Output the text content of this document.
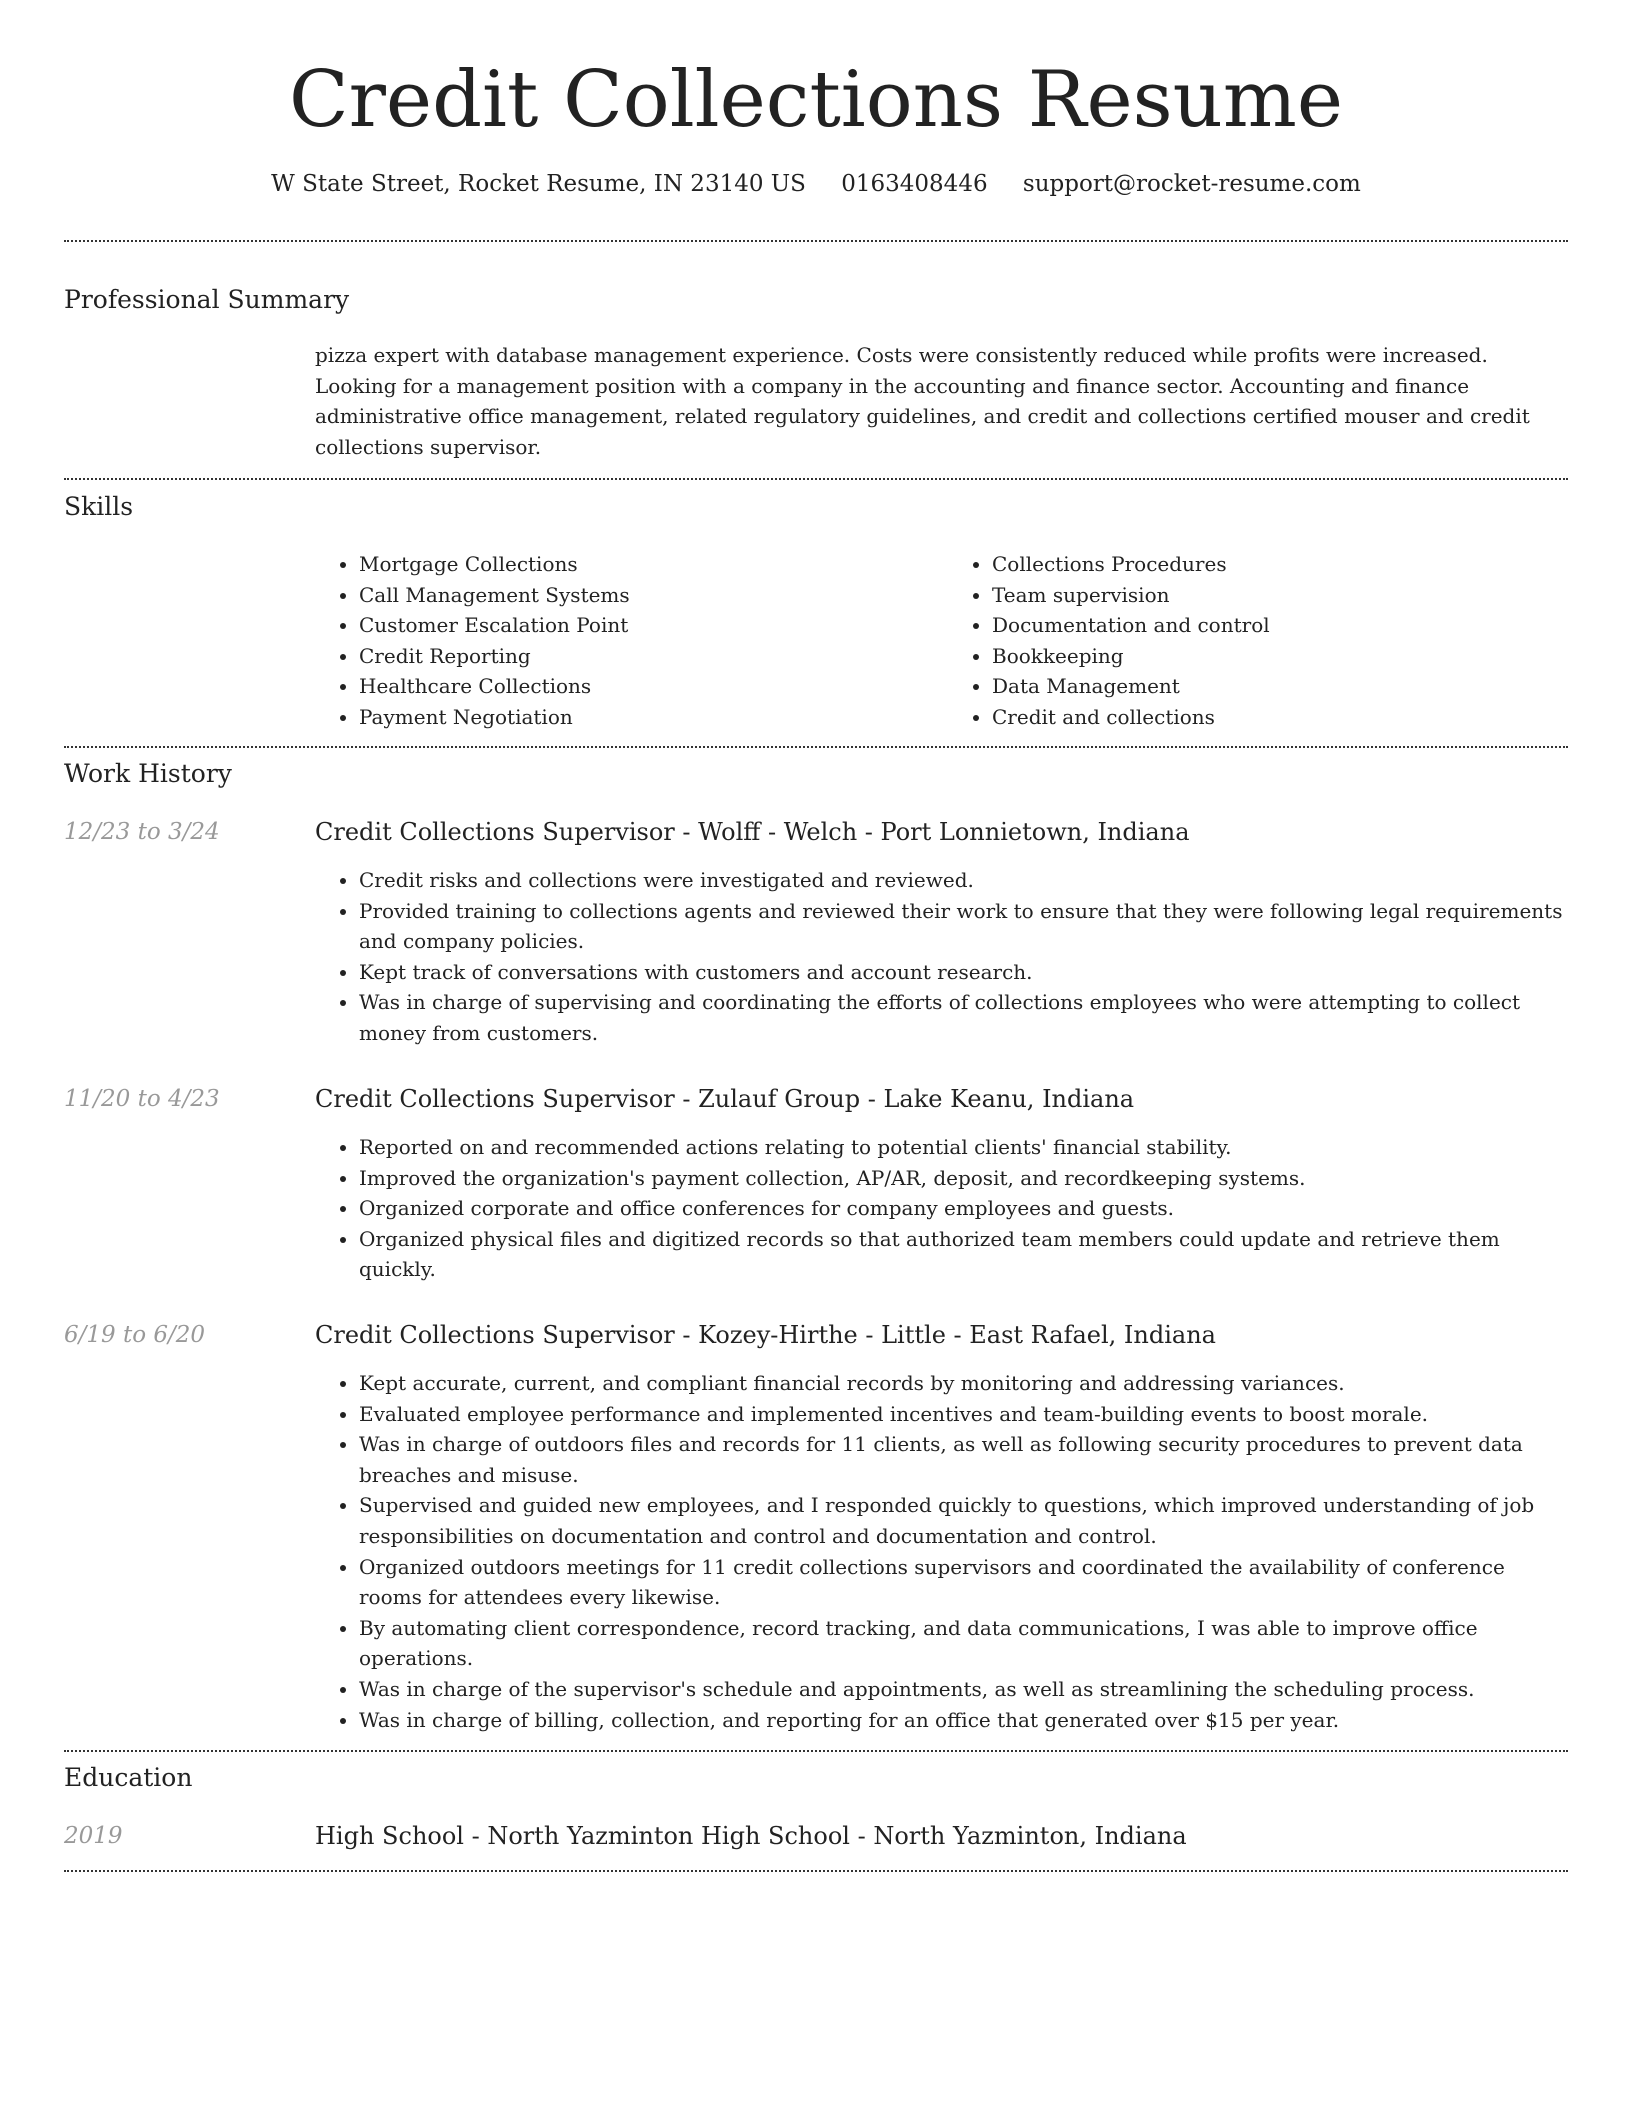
Credit Collections Resume
W State Street, Rocket Resume, IN 23140 US 0163408446 support@rocket-resume.com
Professional Summary
pizza expert with database management experience. Costs were consistently reduced while profits were increased. Looking for a management position with a company in the accounting and finance sector. Accounting and finance administrative office management, related regulatory guidelines, and credit and collections certified mouser and credit collections supervisor.
Skills
• Mortgage Collections
• Call Management Systems
• Customer Escalation Point
• Credit Reporting
• Healthcare Collections
• Payment Negotiation
• Collections Procedures
• Team supervision
• Documentation and control
• Bookkeeping
• Data Management
• Credit and collections
Work History
12/23 to 3/24	Credit Collections Supervisor - Wolff - Welch - Port Lonnietown, Indiana
• Credit risks and collections were investigated and reviewed.
• Provided training to collections agents and reviewed their work to ensure that they were following legal requirements and company policies.
• Kept track of conversations with customers and account research.
• Was in charge of supervising and coordinating the efforts of collections employees who were attempting to collect money from customers.
11/20 to 4/23	Credit Collections Supervisor - Zulauf Group - Lake Keanu, Indiana
• Reported on and recommended actions relating to potential clients' financial stability.
• Improved the organization's payment collection, AP/AR, deposit, and recordkeeping systems.
• Organized corporate and office conferences for company employees and guests.
• Organized physical files and digitized records so that authorized team members could update and retrieve them quickly.
6/19 to 6/20	Credit Collections Supervisor - Kozey-Hirthe - Little - East Rafael, Indiana
• Kept accurate, current, and compliant financial records by monitoring and addressing variances.
• Evaluated employee performance and implemented incentives and team-building events to boost morale.
• Was in charge of outdoors files and records for 11 clients, as well as following security procedures to prevent data breaches and misuse.
• Supervised and guided new employees, and I responded quickly to questions, which improved understanding of job responsibilities on documentation and control and documentation and control.
• Organized outdoors meetings for 11 credit collections supervisors and coordinated the availability of conference rooms for attendees every likewise.
• By automating client correspondence, record tracking, and data communications, I was able to improve office operations.
• Was in charge of the supervisor's schedule and appointments, as well as streamlining the scheduling process.
• Was in charge of billing, collection, and reporting for an office that generated over $15 per year.
Education
2019	High School - North Yazminton High School - North Yazminton, Indiana
